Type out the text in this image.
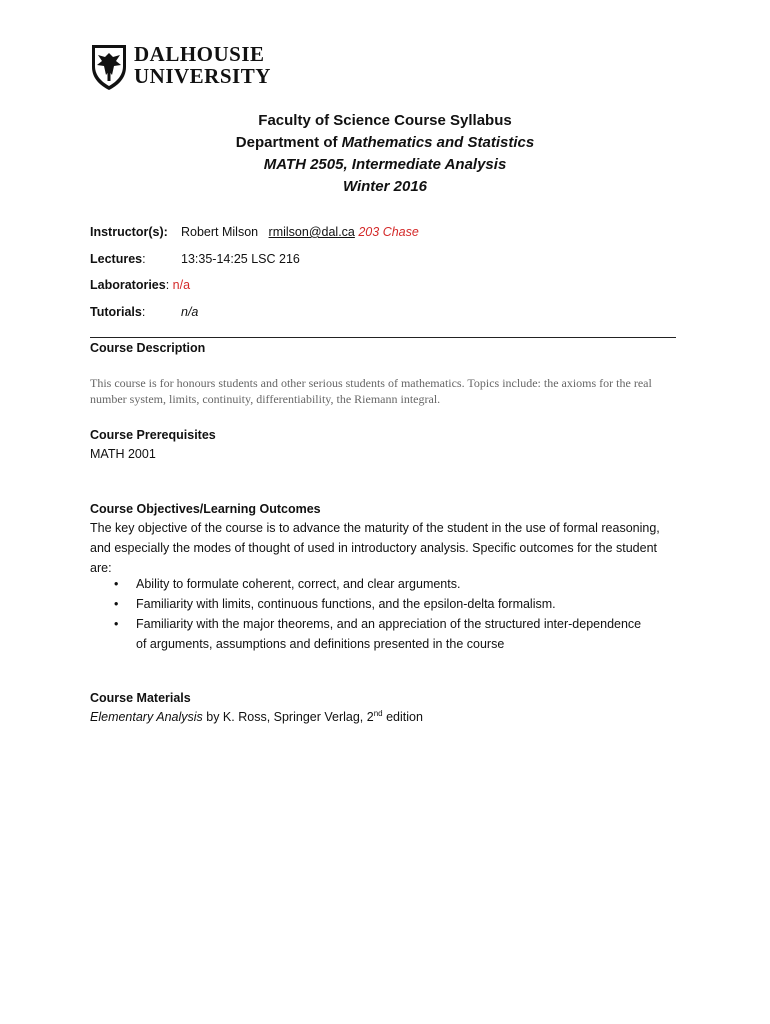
DALHOUSIE
UNIVERSITY
Faculty of Science Course Syllabus
Department of Mathematics and Statistics
MATH 2505, Intermediate Analysis
Winter 2016
Instructor(s): Robert Milson rmilson@dal.ca 203 Chase
Lectures:	13:35-14:25 LSC 216
Laboratories: n/a
Tutorials:	n/a
Course Description
This course is for honours students and other serious students of mathematics. Topics include: the axioms for the real number system, limits, continuity, differentiability, the Riemann integral.
Course Prerequisites
MATH 2001
Course Objectives/Learning Outcomes
The key objective of the course is to advance the maturity of the student in the use of formal reasoning, and especially the modes of thought of used in introductory analysis. Specific outcomes for the student are:
• Ability to formulate coherent, correct, and clear arguments.
• Familiarity with limits, continuous functions, and the epsilon-delta formalism.
• Familiarity with the major theorems, and an appreciation of the structured inter-dependence of arguments, assumptions and definitions presented in the course
Course Materials
Elementary Analysis by K. Ross, Springer Verlag, 2nd edition
